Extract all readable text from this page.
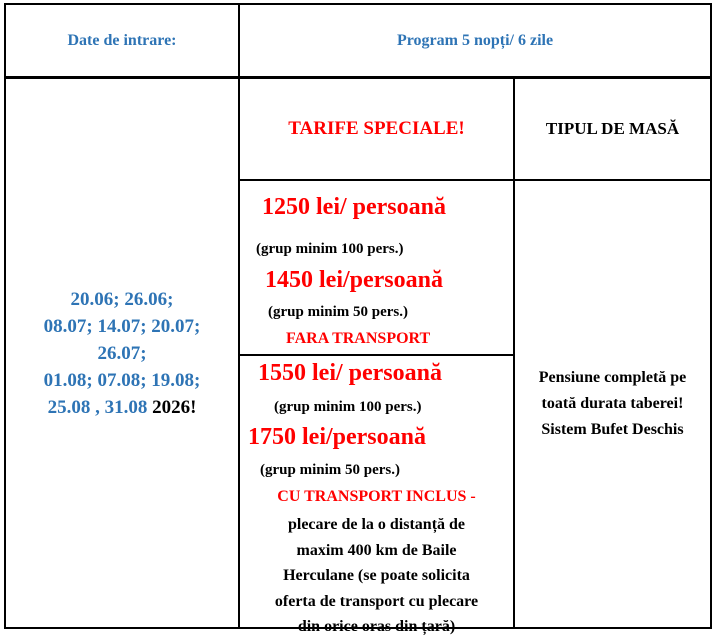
Date de intrare:	Program 5 nopți/ 6 zile
20.06; 26.06;
08.07; 14.07; 20.07;
26.07;
01.08; 07.08; 19.08;
25.08 , 31.08 2026!
TARIFE SPECIALE!	TIPUL DE MASĂ
1250 lei/ persoană
(grup minim 100 pers.)
1450 lei/persoană
(grup minim 50 pers.)
FARA TRANSPORT
1550 lei/ persoană
(grup minim 100 pers.)
1750 lei/persoană
(grup minim 50 pers.)
CU TRANSPORT INCLUS -
plecare de la o distanță de
maxim 400 km de Baile
Herculane (se poate solicita
oferta de transport cu plecare
din orice oras din țară)
Pensiune completă pe
toată durata taberei!
Sistem Bufet Deschis
